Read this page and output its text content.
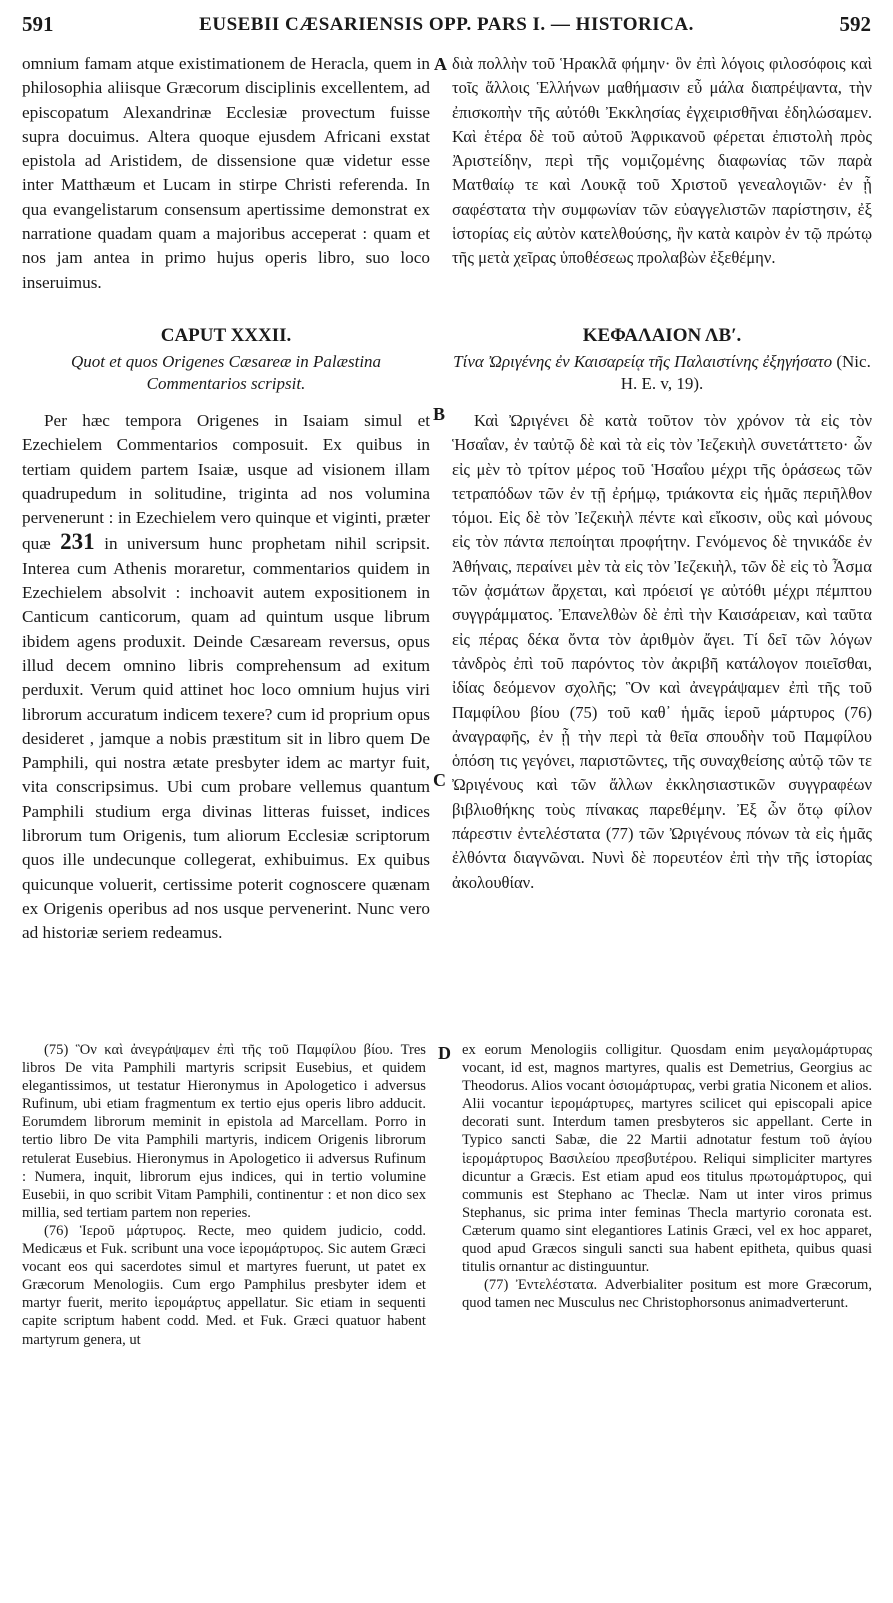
591	EUSEBII CÆSARIENSIS OPP. PARS I. — HISTORICA.	592

omnium famam atque existimationem de Heracla, quem in philosophia aliisque Græcorum disciplinis excellentem, ad episcopatum Alexandrinæ Ecclesiæ provectum fuisse supra docuimus. Altera quoque ejusdem Africani exstat epistola ad Aristidem, de dissensione quæ videtur esse inter Matthæum et Lucam in stirpe Christi referenda. In qua evangelistarum consensum apertissime demonstrat ex narratione quadam quam a majoribus acceperat : quam et nos jam antea in primo hujus operis libro, suo loco inseruimus.

διὰ πολλὴν τοῦ Ἡρακλᾶ φήμην· ὃν ἐπὶ λόγοις φιλοσόφοις καὶ τοῖς ἄλλοις Ἑλλήνων μαθήμασιν εὖ μάλα διαπρέψαντα, τὴν ἐπισκοπὴν τῆς αὐτόθι Ἐκκλησίας ἐγχειρισθῆναι ἐδηλώσαμεν. Καὶ ἑτέρα δὲ τοῦ αὐτοῦ Ἀφρικανοῦ φέρεται ἐπιστολὴ πρὸς Ἀριστείδην, περὶ τῆς νομιζομένης διαφωνίας τῶν παρὰ Ματθαίῳ τε καὶ Λουκᾷ τοῦ Χριστοῦ γενεαλογιῶν· ἐν ᾗ σαφέστατα τὴν συμφωνίαν τῶν εὐαγγελιστῶν παρίστησιν, ἐξ ἱστορίας εἰς αὐτὸν κατελθούσης, ἣν κατὰ καιρὸν ἐν τῷ πρώτῳ τῆς μετὰ χεῖρας ὑποθέσεως προλαβὼν ἐξεθέμην.

CAPUT XXXII.
Quot et quos Origenes Cæsareæ in Palæstina Commentarios scripsit.
ΚΕΦΑΛΑΙΟΝ ΛΒʹ.
Τίνα Ὠριγένης ἐν Καισαρείᾳ τῆς Παλαιστίνης ἐξηγήσατο (Nic. H. E. v, 19).

Per hæc tempora Origenes in Isaiam simul et Ezechielem Commentarios composuit. Ex quibus in tertiam quidem partem Isaiæ, usque ad visionem illam quadrupedum in solitudine, triginta ad nos volumina pervenerunt : in Ezechielem vero quinque et viginti, præter quæ 231 in universum hunc prophetam nihil scripsit. Interea cum Athenis moraretur, commentarios quidem in Ezechielem absolvit : inchoavit autem expositionem in Canticum canticorum, quam ad quintum usque librum ibidem agens produxit. Deinde Cæsaream reversus, opus illud decem omnino libris comprehensum ad exitum perduxit. Verum quid attinet hoc loco omnium hujus viri librorum accuratum indicem texere? cum id proprium opus desideret , jamque a nobis præstitum sit in libro quem De Pamphili, qui nostra ætate presbyter idem ac martyr fuit, vita conscripsimus. Ubi cum probare vellemus quantum Pamphili studium erga divinas litteras fuisset, indices librorum tum Origenis, tum aliorum Ecclesiæ scriptorum quos ille undecunque collegerat, exhibuimus. Ex quibus quicunque voluerit, certissime poterit cognoscere quænam ex Origenis operibus ad nos usque pervenerint. Nunc vero ad historiæ seriem redeamus.

Καὶ Ὠριγένει δὲ κατὰ τοῦτον τὸν χρόνον τὰ εἰς τὸν Ἡσαΐαν, ἐν ταὐτῷ δὲ καὶ τὰ εἰς τὸν Ἰεζεκιὴλ συνετάττετο· ὧν εἰς μὲν τὸ τρίτον μέρος τοῦ Ἡσαΐου μέχρι τῆς ὁράσεως τῶν τετραπόδων τῶν ἐν τῇ ἐρήμῳ, τριάκοντα εἰς ἡμᾶς περιῆλθον τόμοι. Εἰς δὲ τὸν Ἰεζεκιὴλ πέντε καὶ εἴκοσιν, οὓς καὶ μόνους εἰς τὸν πάντα πεποίηται προφήτην. Γενόμενος δὲ τηνικάδε ἐν Ἀθήναις, περαίνει μὲν τὰ εἰς τὸν Ἰεζεκιὴλ, τῶν δὲ εἰς τὸ Ἆσμα τῶν ᾀσμάτων ἄρχεται, καὶ πρόεισί γε αὐτόθι μέχρι πέμπτου συγγράμματος. Ἐπανελθὼν δὲ ἐπὶ τὴν Καισάρειαν, καὶ ταῦτα εἰς πέρας δέκα ὄντα τὸν ἀριθμὸν ἄγει. Τί δεῖ τῶν λόγων τἀνδρὸς ἐπὶ τοῦ παρόντος τὸν ἀκριβῆ κατάλογον ποιεῖσθαι, ἰδίας δεόμενον σχολῆς; Ὃν καὶ ἀνεγράψαμεν ἐπὶ τῆς τοῦ Παμφίλου βίου (75) τοῦ καθ᾽ ἡμᾶς ἱεροῦ μάρτυρος (76) ἀναγραφῆς, ἐν ᾗ τὴν περὶ τὰ θεῖα σπουδὴν τοῦ Παμφίλου ὁπόση τις γεγόνει, παριστῶντες, τῆς συναχθείσης αὐτῷ τῶν τε Ὠριγένους καὶ τῶν ἄλλων ἐκκλησιαστικῶν συγγραφέων βιβλιοθήκης τοὺς πίνακας παρεθέμην. Ἐξ ὧν ὅτῳ φίλον πάρεστιν ἐντελέστατα (77) τῶν Ὠριγένους πόνων τὰ εἰς ἡμᾶς ἐλθόντα διαγνῶναι. Νυνὶ δὲ πορευτέον ἐπὶ τὴν τῆς ἱστορίας ἀκολουθίαν.

A
B
C
D

(75) Ὃν καὶ ἀνεγράψαμεν ἐπὶ τῆς τοῦ Παμφίλου βίου. Tres libros De vita Pamphili martyris scripsit Eusebius, et quidem elegantissimos, ut testatur Hieronymus in Apologetico i adversus Rufinum, ubi etiam fragmentum ex tertio ejus operis libro adducit. Eorumdem librorum meminit in epistola ad Marcellam. Porro in tertio libro De vita Pamphili martyris, indicem Origenis librorum retulerat Eusebius. Hieronymus in Apologetico ii adversus Rufinum : Numera, inquit, librorum ejus indices, qui in tertio volumine Eusebii, in quo scribit Vitam Pamphili, continentur : et non dico sex millia, sed tertiam partem non reperies.

(76) Ἱεροῦ μάρτυρος. Recte, meo quidem judicio, codd. Medicæus et Fuk. scribunt una voce ἱερομάρτυρος. Sic autem Græci vocant eos qui sacerdotes simul et martyres fuerunt, ut patet ex Græcorum Menologiis. Cum ergo Pamphilus presbyter idem et martyr fuerit, merito ἱερομάρτυς appellatur. Sic etiam in sequenti capite scriptum habent codd. Med. et Fuk. Græci quatuor habent martyrum genera, ut

ex eorum Menologiis colligitur. Quosdam enim μεγαλομάρτυρας vocant, id est, magnos martyres, qualis est Demetrius, Georgius ac Theodorus. Alios vocant ὁσιομάρτυρας, verbi gratia Niconem et alios. Alii vocantur ἱερομάρτυρες, martyres scilicet qui episcopali apice decorati sunt. Interdum tamen presbyteros sic appellant. Certe in Typico sancti Sabæ, die 22 Martii adnotatur festum τοῦ ἁγίου ἱερομάρτυρος Βασιλείου πρεσβυτέρου. Reliqui simpliciter martyres dicuntur a Græcis. Est etiam apud eos titulus πρωτομάρτυρος, qui communis est Stephano ac Theclæ. Nam ut inter viros primus Stephanus, sic prima inter feminas Thecla martyrio coronata est. Cæterum quamo sint elegantiores Latinis Græci, vel ex hoc apparet, quod apud Græcos singuli sancti sua habent epitheta, quibus quasi titulis ornantur ac distinguuntur.

(77) Ἐντελέστατα. Adverbialiter positum est more Græcorum, quod tamen nec Musculus nec Christophorsonus animadverterunt.
